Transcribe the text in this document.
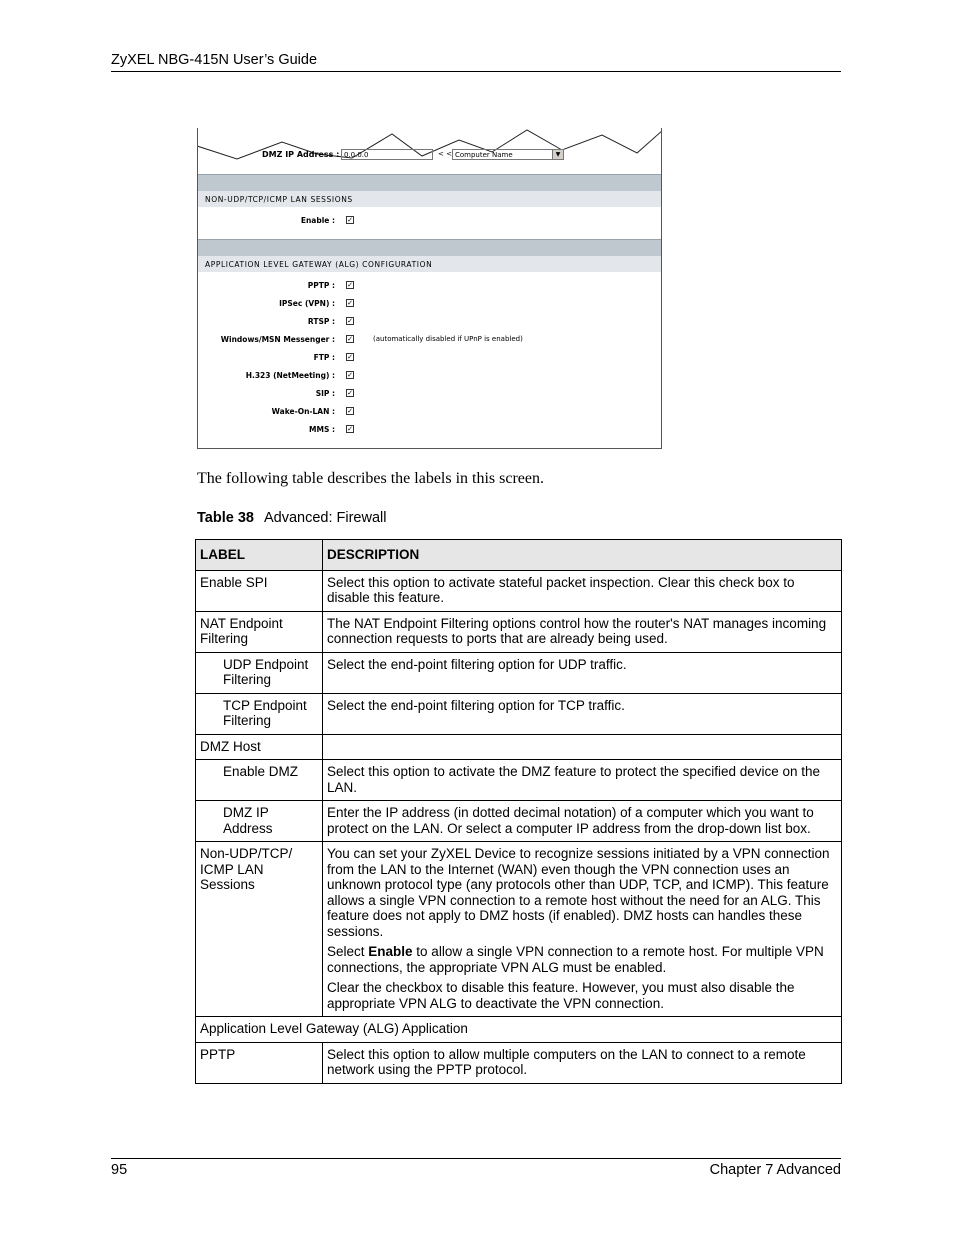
ZyXEL NBG-415N User’s Guide
DMZ IP Address : 0.0.0.0	< < Computer Name	▼
NON-UDP/TCP/ICMP LAN SESSIONS
Enable : ✓
APPLICATION LEVEL GATEWAY (ALG) CONFIGURATION
PPTP : ✓
IPSec (VPN) : ✓
RTSP : ✓
Windows/MSN Messenger : ✓	(automatically disabled if UPnP is enabled)
FTP : ✓
H.323 (NetMeeting) : ✓
SIP : ✓
Wake-On-LAN : ✓
MMS : ✓
The following table describes the labels in this screen.
Table 38 Advanced: Firewall
LABEL	DESCRIPTION
Enable SPI	Select this option to activate stateful packet inspection. Clear this check box to disable this feature.
NAT Endpoint Filtering	The NAT Endpoint Filtering options control how the router's NAT manages incoming connection requests to ports that are already being used.
UDP Endpoint Filtering	Select the end-point filtering option for UDP traffic.
TCP Endpoint Filtering	Select the end-point filtering option for TCP traffic.
DMZ Host	
Enable DMZ	Select this option to activate the DMZ feature to protect the specified device on the LAN.
DMZ IP Address	Enter the IP address (in dotted decimal notation) of a computer which you want to protect on the LAN. Or select a computer IP address from the drop-down list box.
Non-UDP/TCP/ ICMP LAN Sessions	You can set your ZyXEL Device to recognize sessions initiated by a VPN connection from the LAN to the Internet (WAN) even though the VPN connection uses an unknown protocol type (any protocols other than UDP, TCP, and ICMP). This feature allows a single VPN connection to a remote host without the need for an ALG. This feature does not apply to DMZ hosts (if enabled). DMZ hosts can handles these sessions.

Select Enable to allow a single VPN connection to a remote host. For multiple VPN connections, the appropriate VPN ALG must be enabled.

Clear the checkbox to disable this feature. However, you must also disable the appropriate VPN ALG to deactivate the VPN connection.

Application Level Gateway (ALG) Application	
PPTP	Select this option to allow multiple computers on the LAN to connect to a remote network using the PPTP protocol.
95	Chapter 7 Advanced
